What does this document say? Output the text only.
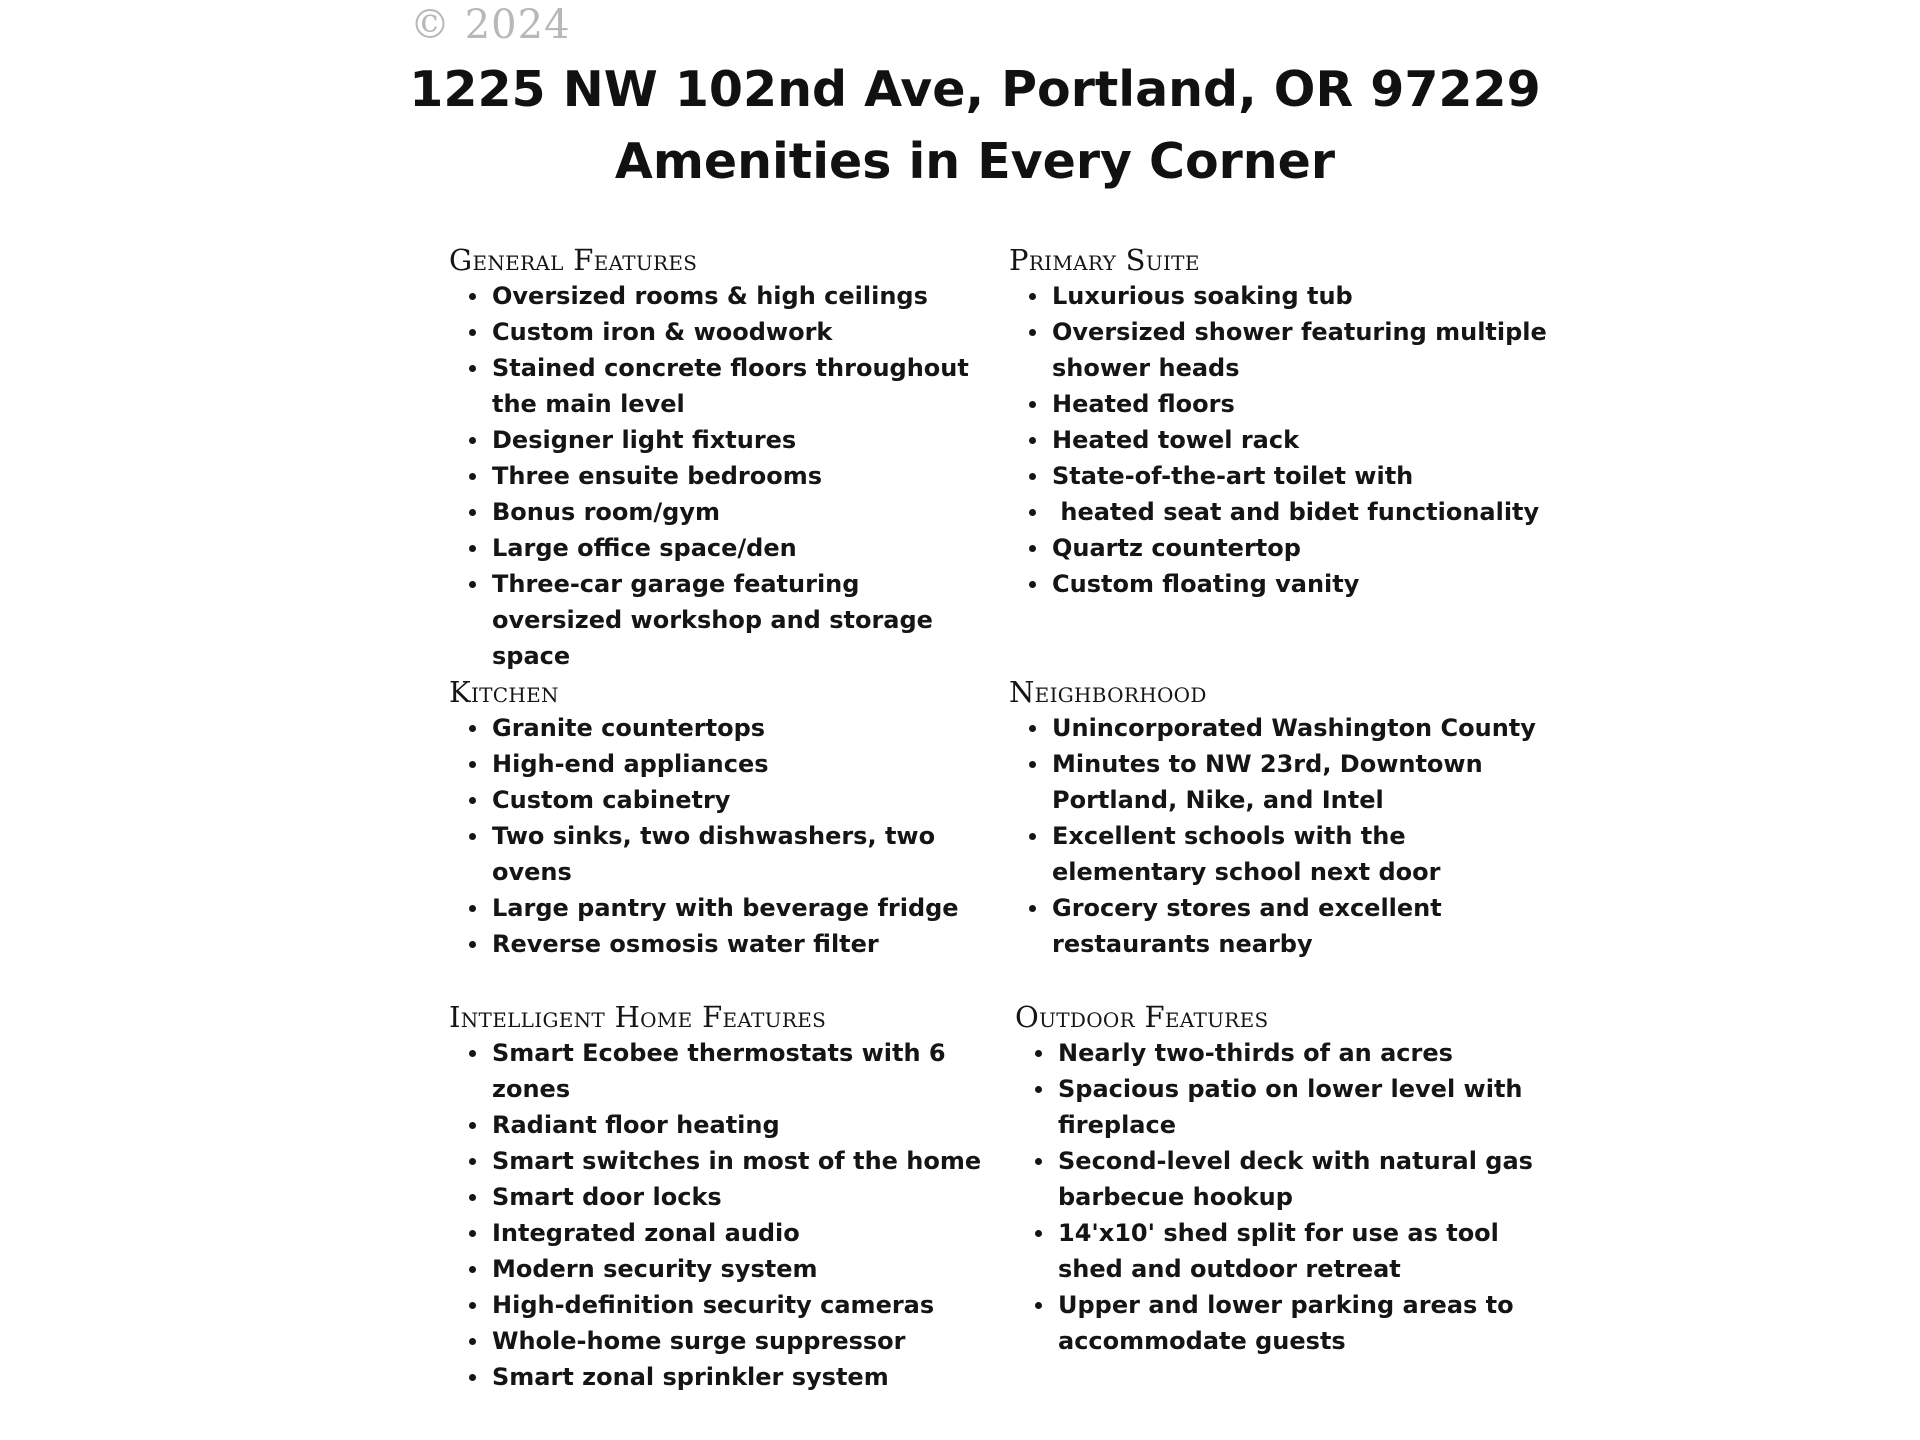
© 2024
1225 NW 102nd Ave, Portland, OR 97229
Amenities in Every Corner
General Features
Oversized rooms & high ceilings
Custom iron & woodwork
Stained concrete floors throughout the main level
Designer light fixtures
Three ensuite bedrooms
Bonus room/gym
Large office space/den
Three-car garage featuring oversized workshop and storage space
Primary Suite
Luxurious soaking tub
Oversized shower featuring multiple shower heads
Heated floors
Heated towel rack
State-of-the-art toilet with
heated seat and bidet functionality
Quartz countertop
Custom floating vanity
Kitchen
Granite countertops
High-end appliances
Custom cabinetry
Two sinks, two dishwashers, two ovens
Large pantry with beverage fridge
Reverse osmosis water filter
Neighborhood
Unincorporated Washington County
Minutes to NW 23rd, Downtown Portland, Nike, and Intel
Excellent schools with the elementary school next door
Grocery stores and excellent restaurants nearby
Intelligent Home Features
Smart Ecobee thermostats with 6 zones
Radiant floor heating
Smart switches in most of the home
Smart door locks
Integrated zonal audio
Modern security system
High-definition security cameras
Whole-home surge suppressor
Smart zonal sprinkler system
Outdoor Features
Nearly two-thirds of an acres
Spacious patio on lower level with fireplace
Second-level deck with natural gas barbecue hookup
14'x10' shed split for use as tool shed and outdoor retreat
Upper and lower parking areas to accommodate guests
